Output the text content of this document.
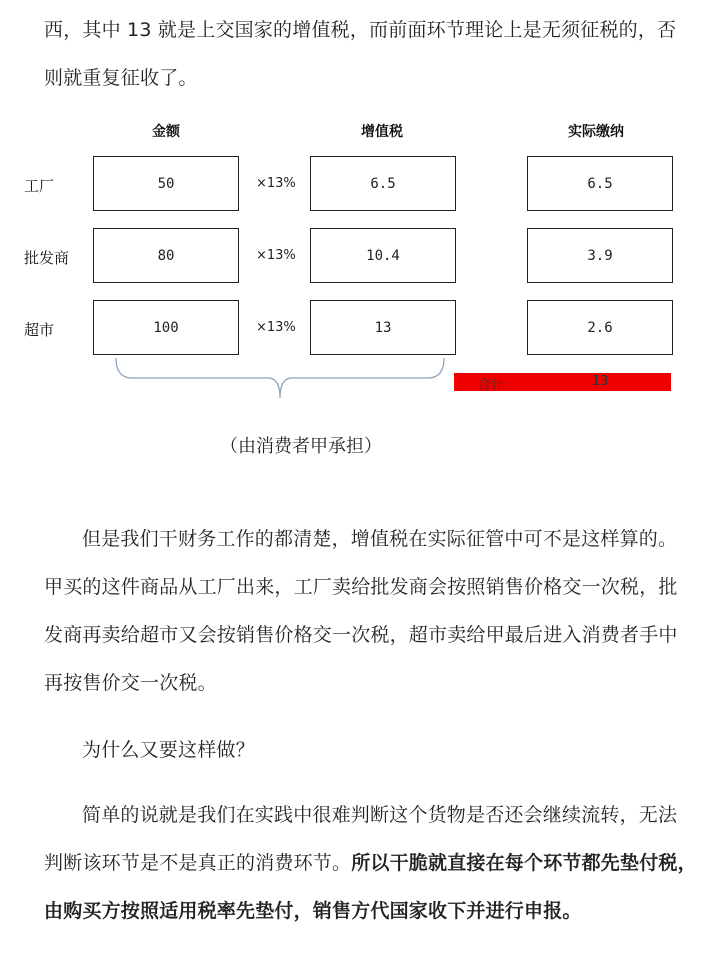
西，其中 13 就是上交国家的增值税，而前面环节理论上是无须征税的，否
则就重复征收了。
金额	增值税	实际缴纳
工厂	50	×13%	6.5	6.5
批发商	80	×13%	10.4	3.9
超市	100	×13%	13	2.6
合计	13
（由消费者甲承担）
但是我们干财务工作的都清楚，增值税在实际征管中可不是这样算的。
甲买的这件商品从工厂出来，工厂卖给批发商会按照销售价格交一次税，批
发商再卖给超市又会按销售价格交一次税，超市卖给甲最后进入消费者手中
再按售价交一次税。
为什么又要这样做？
简单的说就是我们在实践中很难判断这个货物是否还会继续流转，无法
判断该环节是不是真正的消费环节。所以干脆就直接在每个环节都先垫付税，
由购买方按照适用税率先垫付，销售方代国家收下并进行申报。
